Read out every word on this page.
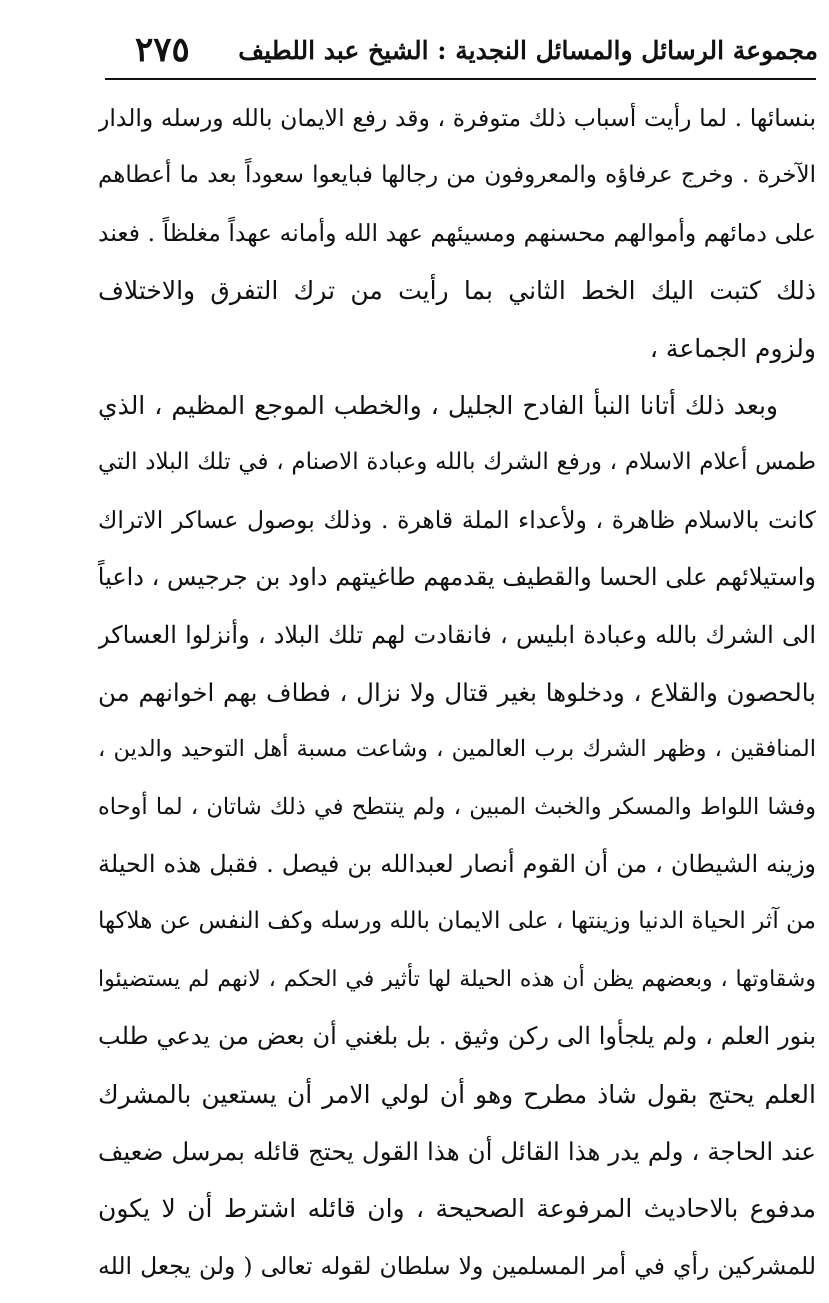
مجموعة الرسائل والمسائل النجدية : الشيخ عبد اللطيف
٢٧٥
بنسائها . لما رأيت أسباب ذلك متوفرة ، وقد رفع الايمان بالله ورسله والدار
الآخرة . وخرج عرفاؤه والمعروفون من رجالها فبايعوا سعوداً بعد ما أعطاهم
على دمائهم وأموالهم محسنهم ومسيئهم عهد الله وأمانه عهداً مغلظاً . فعند
ذلك كتبت اليك الخط الثاني بما رأيت من ترك التفرق والاختلاف
ولزوم الجماعة ،
وبعد ذلك أتانا النبأ الفادح الجليل ، والخطب الموجع المظيم ، الذي
طمس أعلام الاسلام ، ورفع الشرك بالله وعبادة الاصنام ، في تلك البلاد التي
كانت بالاسلام ظاهرة ، ولأعداء الملة قاهرة . وذلك بوصول عساكر الاتراك
واستيلائهم على الحسا والقطيف يقدمهم طاغيتهم داود بن جرجيس ، داعياً
الى الشرك بالله وعبادة ابليس ، فانقادت لهم تلك البلاد ، وأنزلوا العساكر
بالحصون والقلاع ، ودخلوها بغير قتال ولا نزال ، فطاف بهم اخوانهم من
المنافقين ، وظهر الشرك برب العالمين ، وشاعت مسبة أهل التوحيد والدين ،
وفشا اللواط والمسكر والخبث المبين ، ولم ينتطح في ذلك شاتان ، لما أوحاه
وزينه الشيطان ، من أن القوم أنصار لعبدالله بن فيصل . فقبل هذه الحيلة
من آثر الحياة الدنيا وزينتها ، على الايمان بالله ورسله وكف النفس عن هلاكها
وشقاوتها ، وبعضهم يظن أن هذه الحيلة لها تأثير في الحكم ، لانهم لم يستضيئوا
بنور العلم ، ولم يلجأوا الى ركن وثيق . بل بلغني أن بعض من يدعي طلب
العلم يحتج بقول شاذ مطرح وهو أن لولي الامر أن يستعين بالمشرك
عند الحاجة ، ولم يدر هذا القائل أن هذا القول يحتج قائله بمرسل ضعيف
مدفوع بالاحاديث المرفوعة الصحيحة ، وان قائله اشترط أن لا يكون
للمشركين رأي في أمر المسلمين ولا سلطان لقوله تعالى ( ولن يجعل الله
